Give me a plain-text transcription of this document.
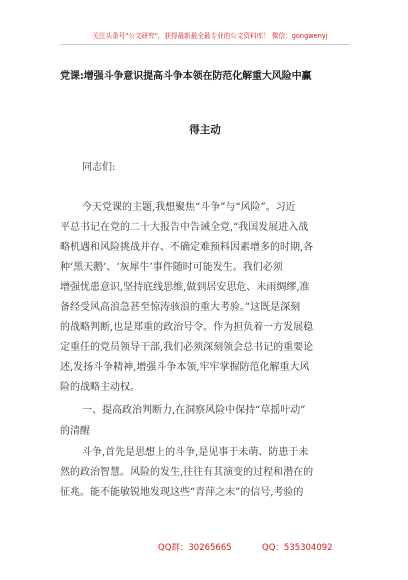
关注头条号"公文研究"，获得最新最全最专业的公文资料库！ 微信：gongwenyj
党课:增强斗争意识提高斗争本领在防范化解重大风险中赢
得主动
同志们:
今天党课的主题,我想聚焦“斗争”与“风险”。习近
平总书记在党的二十大报告中告诫全党,“我国发展进入战
略机遇和风险挑战并存、不确定难预料因素增多的时期,各
种‘黑天鹅’、‘灰犀牛’事件随时可能发生。我们必须
增强忧患意识,坚持底线思维,做到居安思危、未雨绸缪,准
备经受风高浪急甚至惊涛骇浪的重大考验。”这既是深刻
的战略判断,也是郑重的政治号令。作为担负着一方发展稳
定重任的党员领导干部,我们必须深刻领会总书记的重要论
述,发扬斗争精神,增强斗争本领,牢牢掌握防范化解重大风
险的战略主动权。
一、提高政治判断力,在洞察风险中保持“草摇叶动”
的清醒
斗争,首先是思想上的斗争,是见事于未萌、防患于未
然的政治智慧。风险的发生,往往有其演变的过程和潜在的
征兆。能不能敏锐地发现这些“青萍之末”的信号,考验的
QQ群：30265665	QQ：535304092
